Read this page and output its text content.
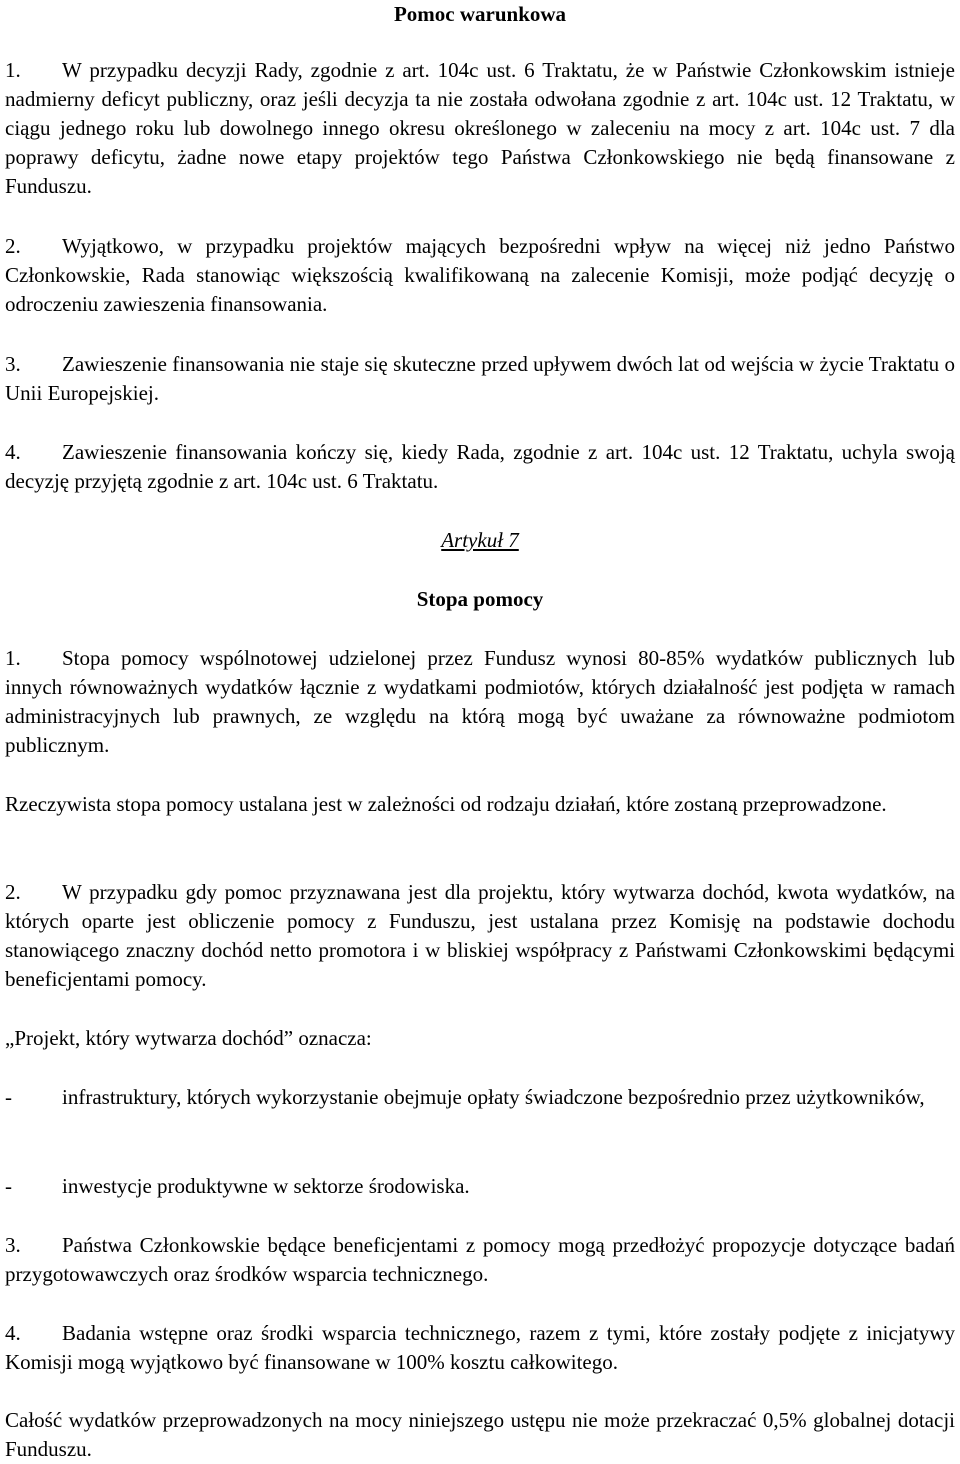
Pomoc warunkowa

1. W przypadku decyzji Rady, zgodnie z art. 104c ust. 6 Traktatu, że w Państwie Członkowskim istnieje nadmierny deficyt publiczny, oraz jeśli decyzja ta nie została odwołana zgodnie z art. 104c ust. 12 Traktatu, w ciągu jednego roku lub dowolnego innego okresu określonego w zaleceniu na mocy z art. 104c ust. 7 dla poprawy deficytu, żadne nowe etapy projektów tego Państwa Członkowskiego nie będą finansowane z Funduszu.

2. Wyjątkowo, w przypadku projektów mających bezpośredni wpływ na więcej niż jedno Państwo Członkowskie, Rada stanowiąc większością kwalifikowaną na zalecenie Komisji, może podjąć decyzję o odroczeniu zawieszenia finansowania.

3. Zawieszenie finansowania nie staje się skuteczne przed upływem dwóch lat od wejścia w życie Traktatu o Unii Europejskiej.

4. Zawieszenie finansowania kończy się, kiedy Rada, zgodnie z art. 104c ust. 12 Traktatu, uchyla swoją decyzję przyjętą zgodnie z art. 104c ust. 6 Traktatu.

Artykuł 7
Stopa pomocy

1. Stopa pomocy wspólnotowej udzielonej przez Fundusz wynosi 80-85% wydatków publicznych lub innych równoważnych wydatków łącznie z wydatkami podmiotów, których działalność jest podjęta w ramach administracyjnych lub prawnych, ze względu na którą mogą być uważane za równoważne podmiotom publicznym.

Rzeczywista stopa pomocy ustalana jest w zależności od rodzaju działań, które zostaną przeprowadzone.

2. W przypadku gdy pomoc przyznawana jest dla projektu, który wytwarza dochód, kwota wydatków, na których oparte jest obliczenie pomocy z Funduszu, jest ustalana przez Komisję na podstawie dochodu stanowiącego znaczny dochód netto promotora i w bliskiej współpracy z Państwami Członkowskimi będącymi beneficjentami pomocy.

„Projekt, który wytwarza dochód” oznacza:

- infrastruktury, których wykorzystanie obejmuje opłaty świadczone bezpośrednio przez użytkowników,
- inwestycje produktywne w sektorze środowiska.

3. Państwa Członkowskie będące beneficjentami z pomocy mogą przedłożyć propozycje dotyczące badań przygotowawczych oraz środków wsparcia technicznego.

4. Badania wstępne oraz środki wsparcia technicznego, razem z tymi, które zostały podjęte z inicjatywy Komisji mogą wyjątkowo być finansowane w 100% kosztu całkowitego.

Całość wydatków przeprowadzonych na mocy niniejszego ustępu nie może przekraczać 0,5% globalnej dotacji Funduszu.
